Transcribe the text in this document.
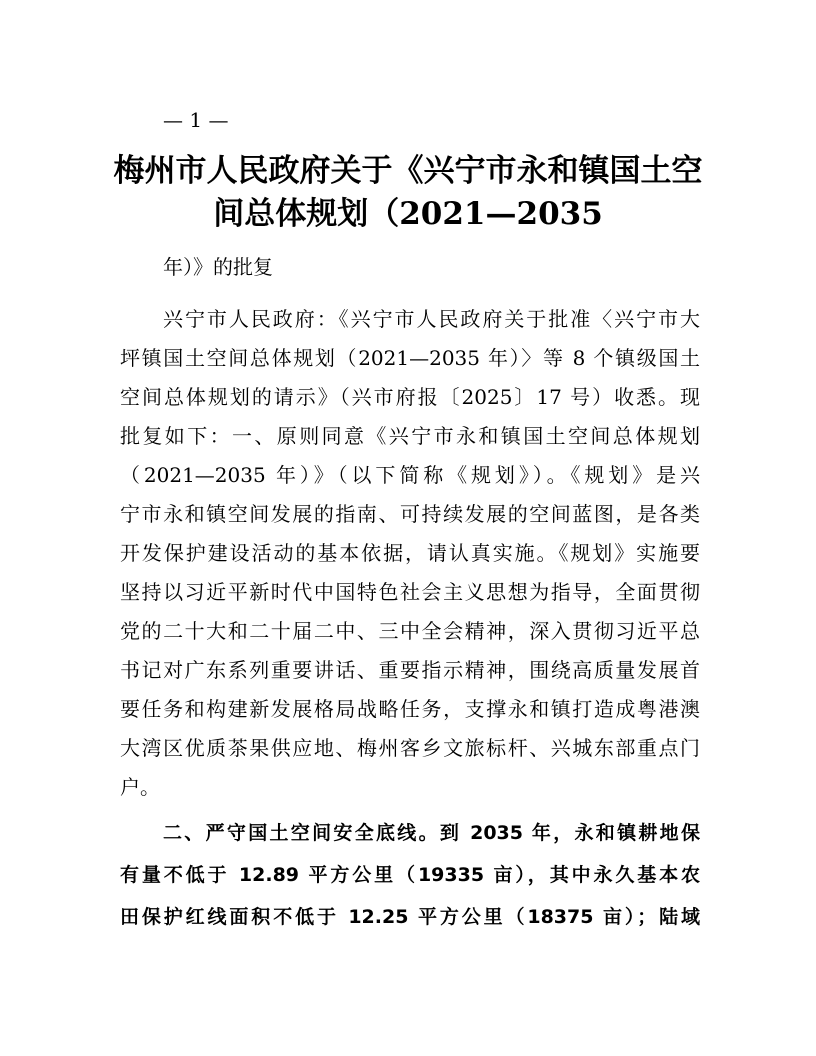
— 1 —
梅州市人民政府关于《兴宁市永和镇国土空
间总体规划（2021—2035
年）》的批复
兴宁市人民政府：《兴宁市人民政府关于批准〈兴宁市大
坪镇国土空间总体规划（2021—2035 年）〉等 8 个镇级国土
空间总体规划的请示》（兴市府报〔2025〕17 号）收悉。现
批复如下：一、原则同意《兴宁市永和镇国土空间总体规划
（2021—2035 年）》（以下简称《规划》）。《规划》是兴
宁市永和镇空间发展的指南、可持续发展的空间蓝图，是各类
开发保护建设活动的基本依据，请认真实施。《规划》实施要
坚持以习近平新时代中国特色社会主义思想为指导，全面贯彻
党的二十大和二十届二中、三中全会精神，深入贯彻习近平总
书记对广东系列重要讲话、重要指示精神，围绕高质量发展首
要任务和构建新发展格局战略任务，支撑永和镇打造成粤港澳
大湾区优质茶果供应地、梅州客乡文旅标杆、兴城东部重点门
户。
二、严守国土空间安全底线。到 2035 年，永和镇耕地保
有量不低于 12.89 平方公里（19335 亩），其中永久基本农
田保护红线面积不低于 12.25 平方公里（18375 亩）；陆域
